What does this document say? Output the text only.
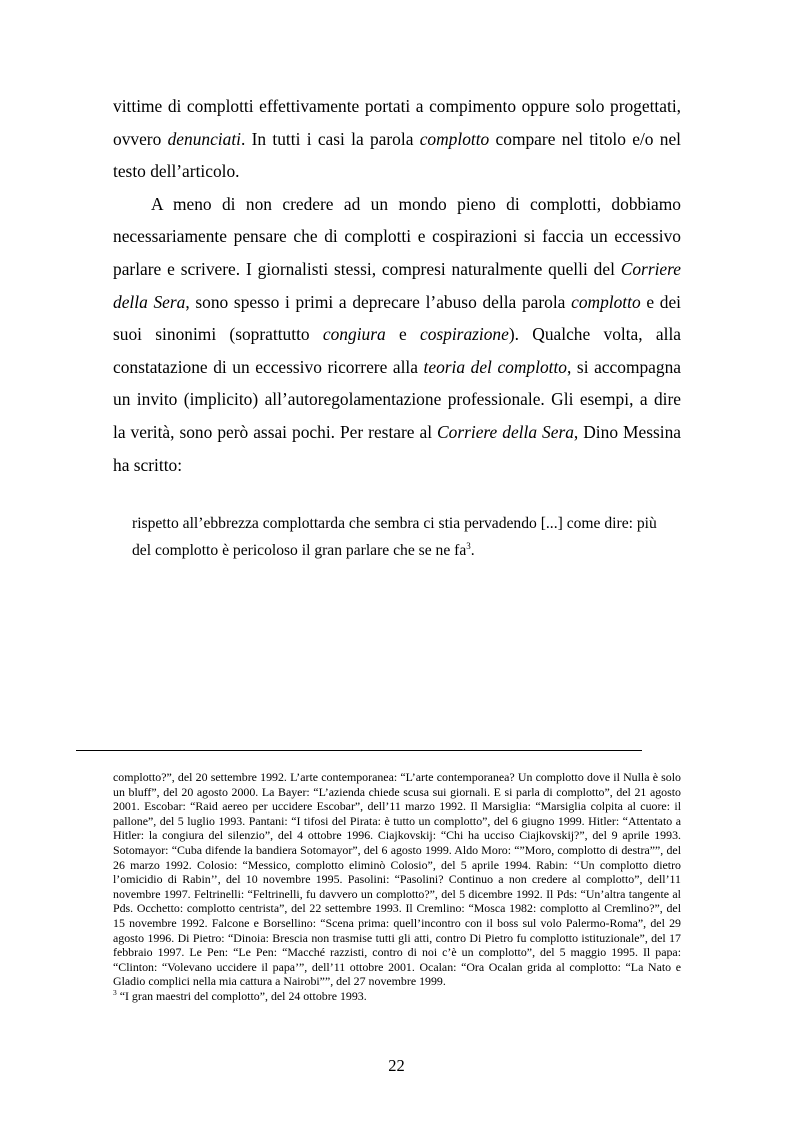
vittime di complotti effettivamente portati a compimento oppure solo progettati, ovvero denunciati. In tutti i casi la parola complotto compare nel titolo e/o nel testo dell’articolo.

A meno di non credere ad un mondo pieno di complotti, dobbiamo necessariamente pensare che di complotti e cospirazioni si faccia un eccessivo parlare e scrivere. I giornalisti stessi, compresi naturalmente quelli del Corriere della Sera, sono spesso i primi a deprecare l’abuso della parola complotto e dei suoi sinonimi (soprattutto congiura e cospirazione). Qualche volta, alla constatazione di un eccessivo ricorrere alla teoria del complotto, si accompagna un invito (implicito) all’autoregolamentazione professionale. Gli esempi, a dire la verità, sono però assai pochi. Per restare al Corriere della Sera, Dino Messina ha scritto:

rispetto all’ebbrezza complottarda che sembra ci stia pervadendo [...] come dire: più del complotto è pericoloso il gran parlare che se ne fa$^3$.

complotto?”, del 20 settembre 1992. L’arte contemporanea: “L’arte contemporanea? Un complotto dove il Nulla è solo un bluff”, del 20 agosto 2000. La Bayer: “L’azienda chiede scusa sui giornali. E si parla di complotto”, del 21 agosto 2001. Escobar: “Raid aereo per uccidere Escobar”, dell’11 marzo 1992. Il Marsiglia: “Marsiglia colpita al cuore: il pallone”, del 5 luglio 1993. Pantani: “I tifosi del Pirata: è tutto un complotto”, del 6 giugno 1999. Hitler: “Attentato a Hitler: la congiura del silenzio”, del 4 ottobre 1996. Ciajkovskij: “Chi ha ucciso Ciajkovskij?”, del 9 aprile 1993. Sotomayor: “Cuba difende la bandiera Sotomayor”, del 6 agosto 1999. Aldo Moro: “”Moro, complotto di destra””, del 26 marzo 1992. Colosio: “Messico, complotto eliminò Colosio”, del 5 aprile 1994. Rabin: ‘‘Un complotto dietro l’omicidio di Rabin’’, del 10 novembre 1995. Pasolini: “Pasolini? Continuo a non credere al complotto”, dell’11 novembre 1997. Feltrinelli: “Feltrinelli, fu davvero un complotto?”, del 5 dicembre 1992. Il Pds: “Un’altra tangente al Pds. Occhetto: complotto centrista”, del 22 settembre 1993. Il Cremlino: “Mosca 1982: complotto al Cremlino?”, del 15 novembre 1992. Falcone e Borsellino: “Scena prima: quell’incontro con il boss sul volo Palermo-Roma”, del 29 agosto 1996. Di Pietro: “Dinoia: Brescia non trasmise tutti gli atti, contro Di Pietro fu complotto istituzionale”, del 17 febbraio 1997. Le Pen: “Le Pen: “Macché razzisti, contro di noi c’è un complotto”, del 5 maggio 1995. Il papa: “Clinton: “Volevano uccidere il papa’”, dell’11 ottobre 2001. Ocalan: “Ora Ocalan grida al complotto: “La Nato e Gladio complici nella mia cattura a Nairobi””, del 27 novembre 1999.

$^3$ “I gran maestri del complotto”, del 24 ottobre 1993.

22
